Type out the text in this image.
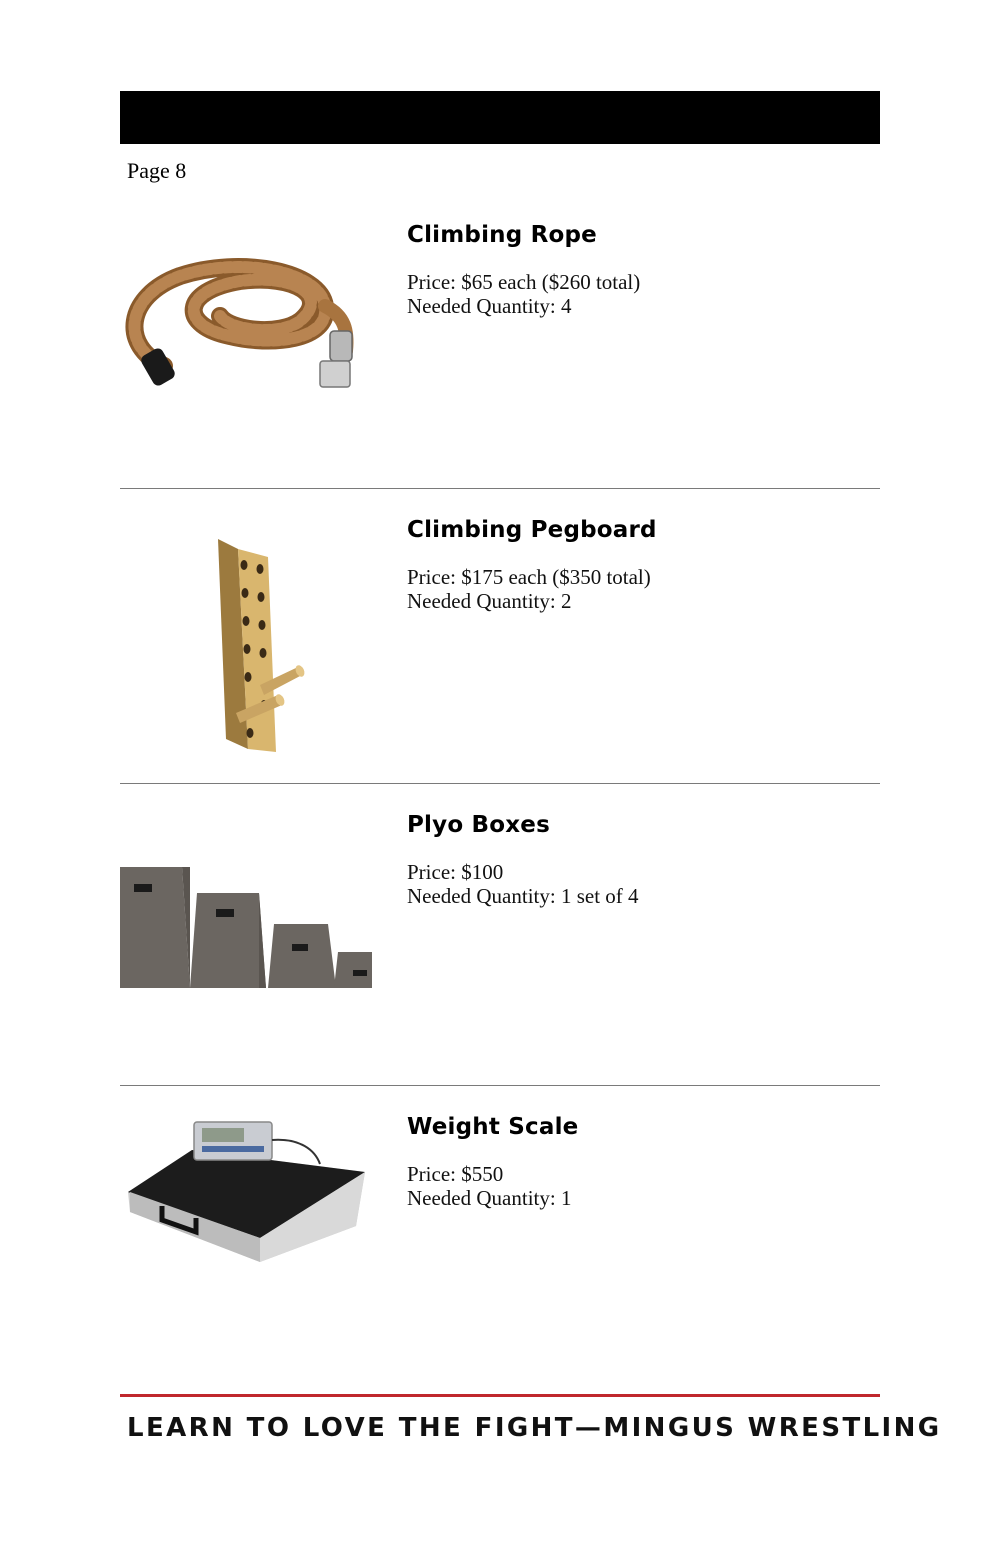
Page 8
Climbing Rope
Price: $65 each ($260 total)
Needed Quantity: 4
Climbing Pegboard
Price: $175 each ($350 total)
Needed Quantity: 2
Plyo Boxes
Price: $100
Needed Quantity: 1 set of 4
Weight Scale
Price: $550
Needed Quantity: 1
LEARN TO LOVE THE FIGHT—MINGUS WRESTLING
